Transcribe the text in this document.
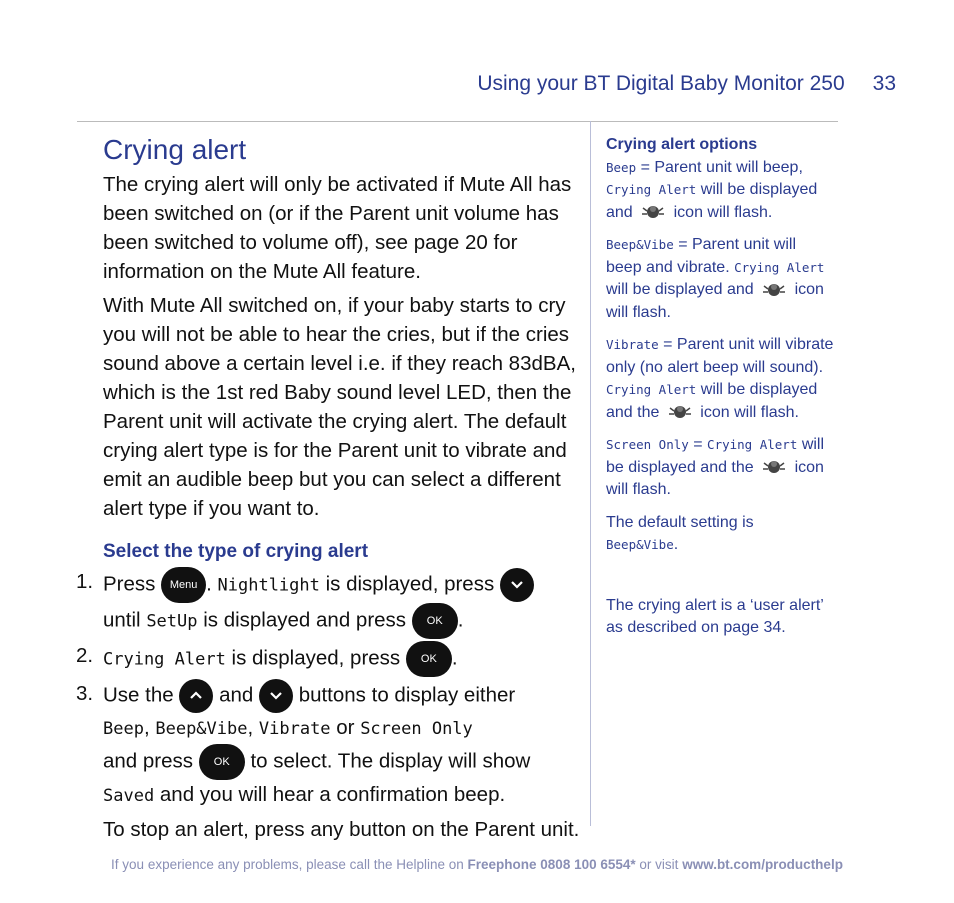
Using your BT Digital Baby Monitor 250 33
Crying alert

The crying alert will only be activated if Mute All has been switched on (or if the Parent unit volume has been switched to volume off), see page 20 for information on the Mute All feature.

With Mute All switched on, if your baby starts to cry you will not be able to hear the cries, but if the cries sound above a certain level i.e. if they reach 83dBA, which is the 1st red Baby sound level LED, then the Parent unit will activate the crying alert. The default crying alert type is for the Parent unit to vibrate and emit an audible beep but you can select a different alert type if you want to.

Select the type of crying alert
1. Press Menu . Nightlight is displayed, press

until SetUp is displayed and press OK .
2. Crying Alert is displayed, press OK .
3. Use the and buttons to display either
Beep, Beep&Vibe, Vibrate or Screen Only
and press OK to select. The display will show
Saved and you will hear a confirmation beep.
To stop an alert, press any button on the Parent unit.
Crying alert options
Beep = Parent unit will beep, Crying Alert will be displayed and	icon will flash.
Beep&Vibe = Parent unit will beep and vibrate. Crying Alert will be displayed and	icon will flash.
Vibrate = Parent unit will vibrate only (no alert beep will sound). Crying Alert will be displayed and the	icon will flash.
Screen Only = Crying Alert will be displayed and the	icon will flash.
The default setting is
Beep&Vibe.
The crying alert is a ‘user alert’ as described on page 34.
If you experience any problems, please call the Helpline on Freephone 0808 100 6554* or visit www.bt.com/producthelp
